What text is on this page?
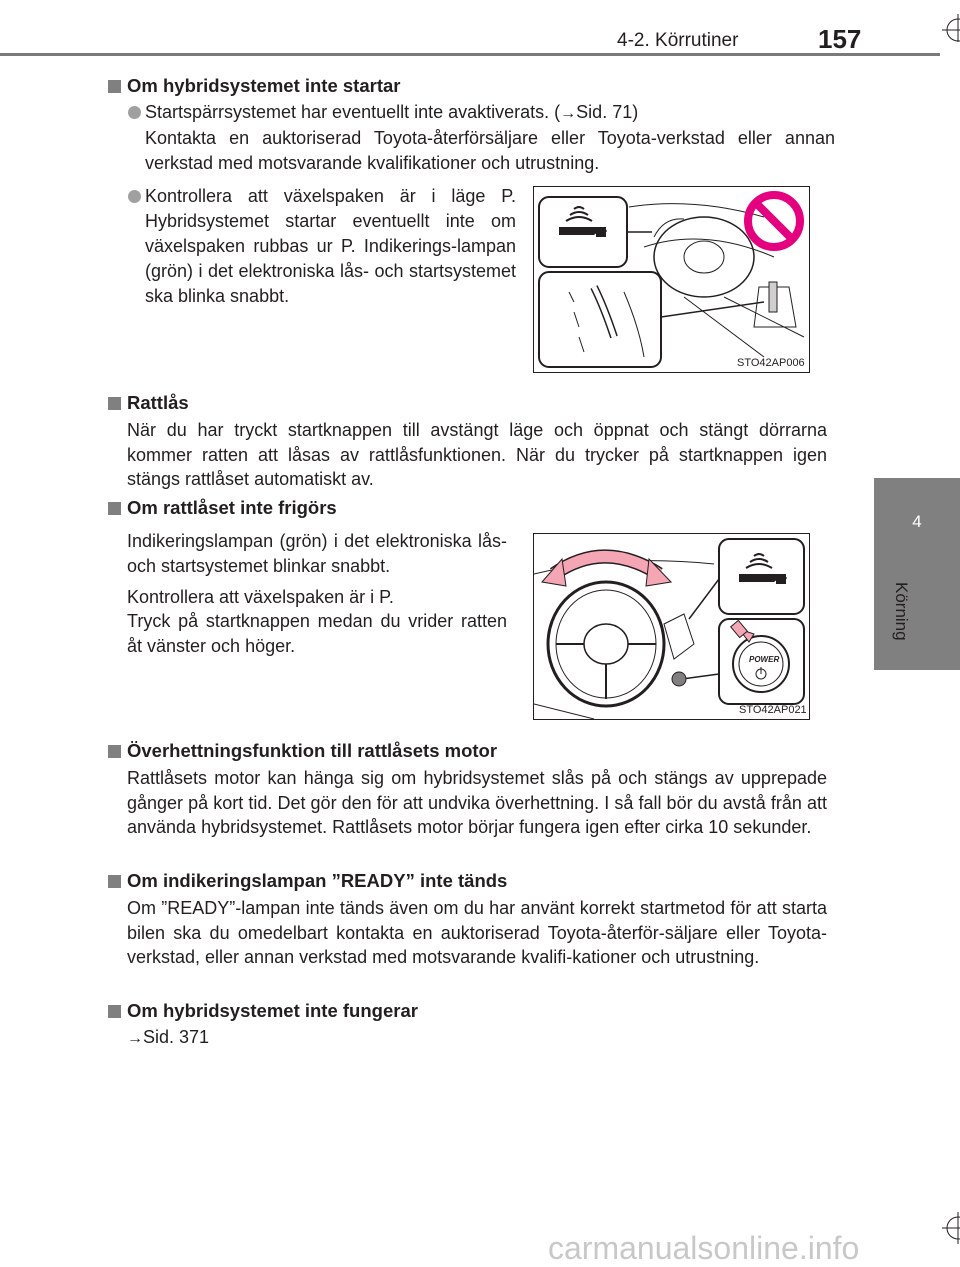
4-2. Körrutiner	157
4
Körning
Om hybridsystemet inte startar
Startspärrsystemet har eventuellt inte avaktiverats. (→Sid. 71)
Kontakta en auktoriserad Toyota-återförsäljare eller Toyota-verkstad eller annan verkstad med motsvarande kvalifikationer och utrustning.
Kontrollera att växelspaken är i läge P. Hybridsystemet startar eventuellt inte om växelspaken rubbas ur P. Indikerings-lampan (grön) i det elektroniska lås- och startsystemet ska blinka snabbt.
STO42AP006
Rattlås
När du har tryckt startknappen till avstängt läge och öppnat och stängt dörrarna kommer ratten att låsas av rattlåsfunktionen. När du trycker på startknappen igen stängs rattlåset automatiskt av.
Om rattlåset inte frigörs
Indikeringslampan (grön) i det elektroniska lås- och startsystemet blinkar snabbt.
Kontrollera att växelspaken är i P.
Tryck på startknappen medan du vrider ratten åt vänster och höger.
POWER
STO42AP021
Överhettningsfunktion till rattlåsets motor
Rattlåsets motor kan hänga sig om hybridsystemet slås på och stängs av upprepade gånger på kort tid. Det gör den för att undvika överhettning. I så fall bör du avstå från att använda hybridsystemet. Rattlåsets motor börjar fungera igen efter cirka 10 sekunder.
Om indikeringslampan ”READY” inte tänds
Om ”READY”-lampan inte tänds även om du har använt korrekt startmetod för att starta bilen ska du omedelbart kontakta en auktoriserad Toyota-återför-säljare eller Toyota-verkstad, eller annan verkstad med motsvarande kvalifi-kationer och utrustning.
Om hybridsystemet inte fungerar
→Sid. 371
carmanualsonline.info
